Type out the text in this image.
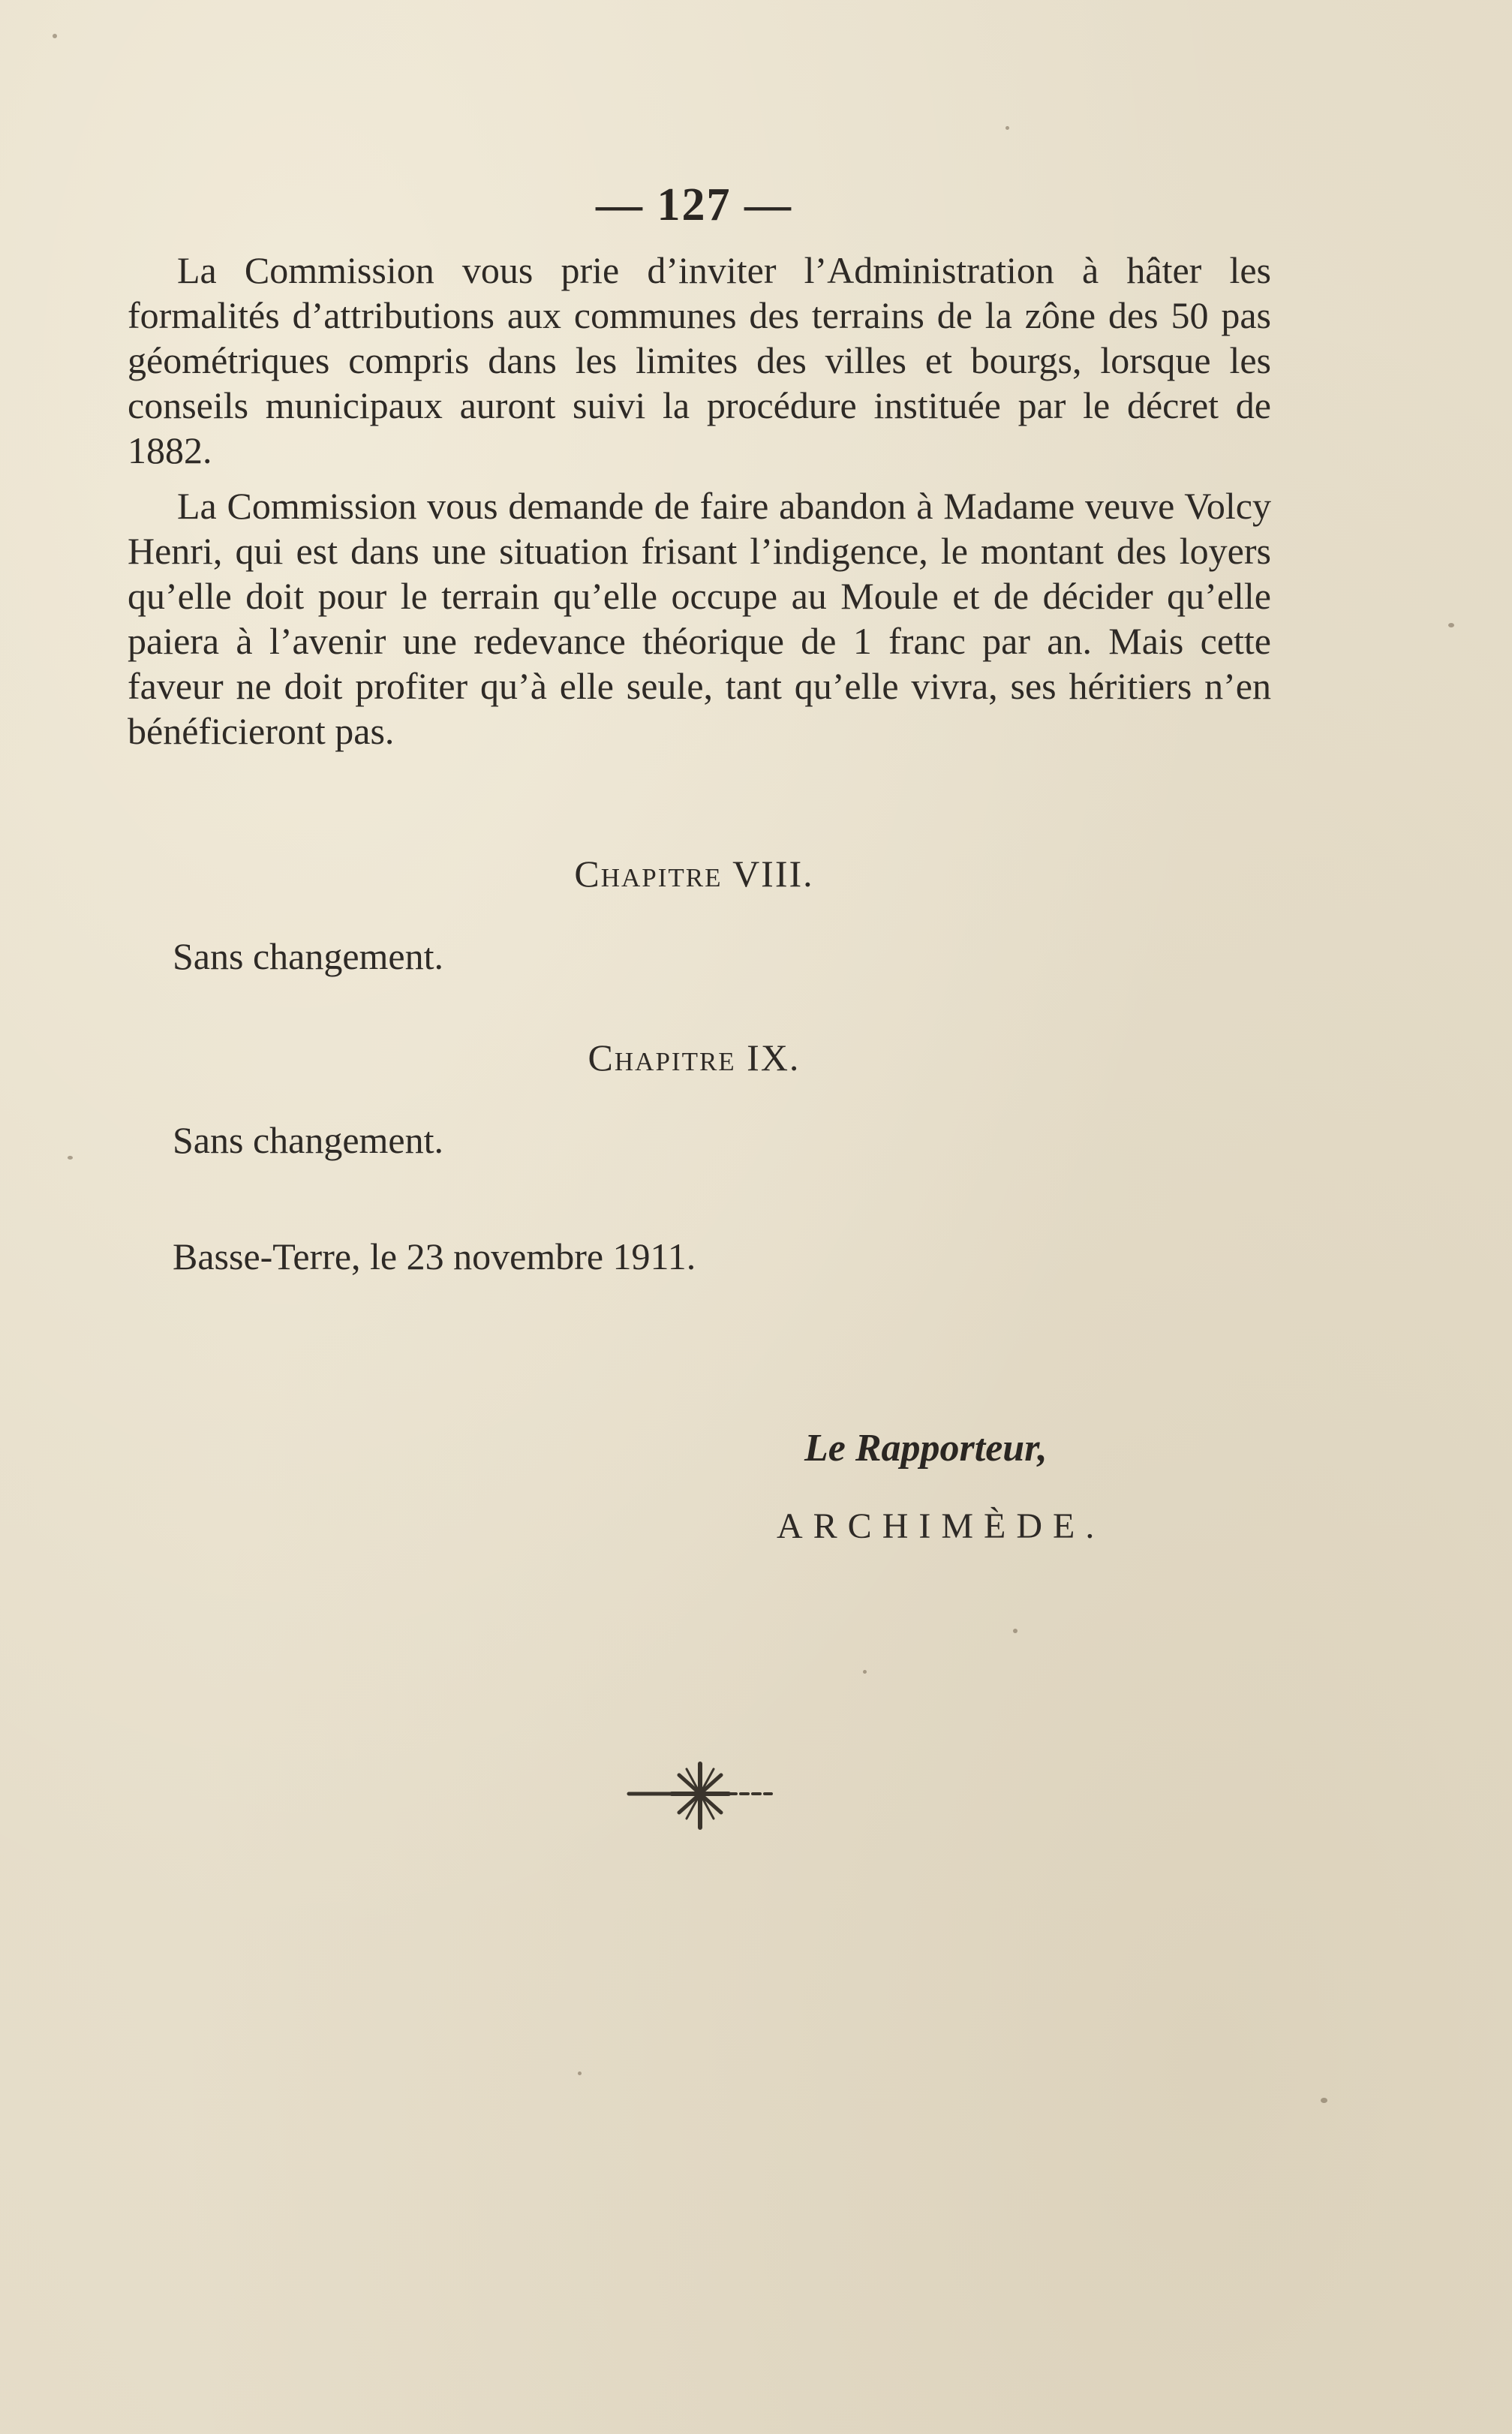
— 127 —

La Commission vous prie d’inviter l’Administration à hâter les formalités d’attributions aux communes des terrains de la zône des 50 pas géométriques compris dans les limites des villes et bourgs, lorsque les conseils municipaux auront suivi la procédure instituée par le décret de 1882.

La Commission vous demande de faire abandon à Madame veuve Volcy Henri, qui est dans une situation frisant l’indigence, le montant des loyers qu’elle doit pour le terrain qu’elle occupe au Moule et de décider qu’elle paiera à l’avenir une redevance théorique de 1 franc par an. Mais cette faveur ne doit profiter qu’à elle seule, tant qu’elle vivra, ses héritiers n’en bénéficieront pas.

Chapitre VIII.
Sans changement.
Chapitre IX.
Sans changement.
Basse-Terre, le 23 novembre 1911.
Le Rapporteur,
ARCHIMÈDE.
